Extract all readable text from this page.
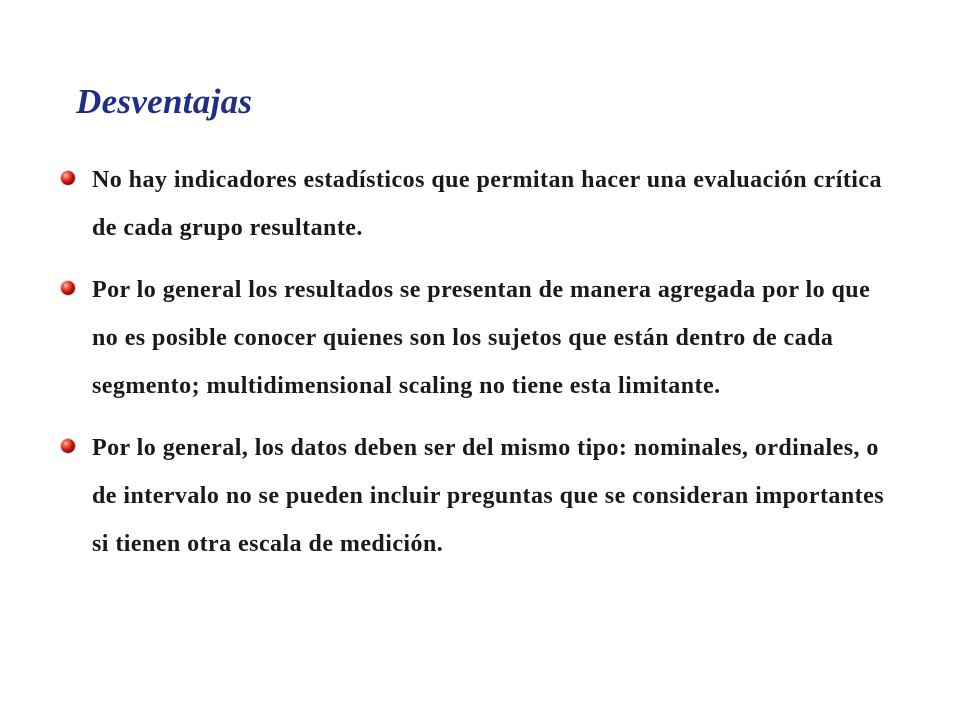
Desventajas
No hay indicadores estadísticos que permitan hacer una evaluación crítica de cada grupo resultante.
Por lo general los resultados se presentan de manera agregada por lo que no es posible conocer quienes son los sujetos que están dentro de cada segmento; multidimensional scaling no tiene esta limitante.
Por lo general, los datos deben ser del mismo tipo: nominales, ordinales, o de intervalo no se pueden incluir preguntas que se consideran importantes si tienen otra escala de medición.
